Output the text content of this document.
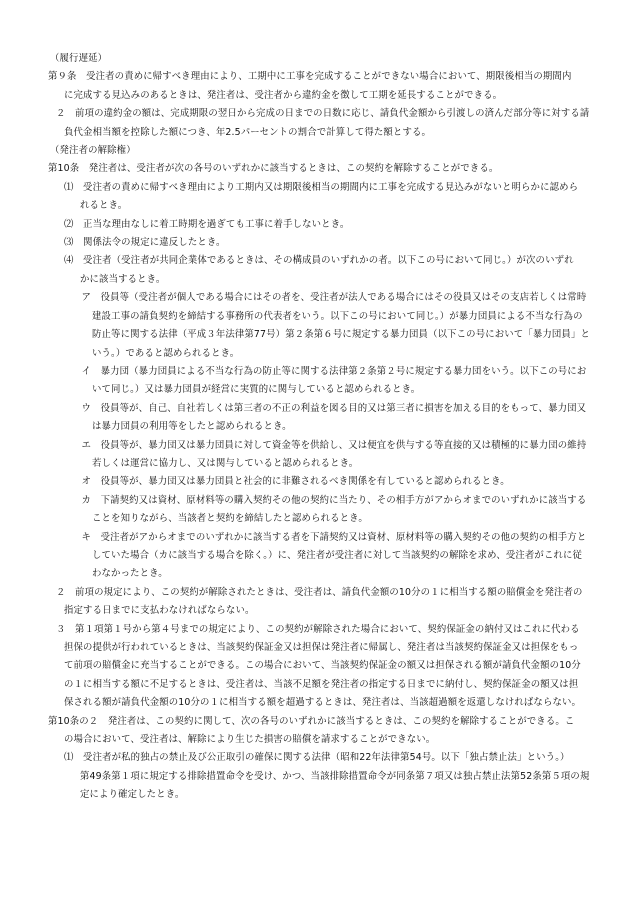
（履行遅延）
第９条　受注者の責めに帰すべき理由により、工期中に工事を完成することができない場合において、期限後相当の期間内
に完成する見込みのあるときは、発注者は、受注者から違約金を徴して工期を延長することができる。
２　前項の違約金の額は、完成期限の翌日から完成の日までの日数に応じ、請負代金額から引渡しの済んだ部分等に対する請
負代金相当額を控除した額につき、年2.5パーセントの割合で計算して得た額とする。
（発注者の解除権）
第10条　発注者は、受注者が次の各号のいずれかに該当するときは、この契約を解除することができる。
⑴　受注者の責めに帰すべき理由により工期内又は期限後相当の期間内に工事を完成する見込みがないと明らかに認めら
れるとき。
⑵　正当な理由なしに着工時期を過ぎても工事に着手しないとき。
⑶　関係法令の規定に違反したとき。
⑷　受注者（受注者が共同企業体であるときは、その構成員のいずれかの者。以下この号において同じ。）が次のいずれ
かに該当するとき。
　ア　役員等（受注者が個人である場合にはその者を、受注者が法人である場合にはその役員又はその支店若しくは常時
建設工事の請負契約を締結する事務所の代表者をいう。以下この号において同じ。）が暴力団員による不当な行為の
防止等に関する法律（平成３年法律第77号）第２条第６号に規定する暴力団員（以下この号において「暴力団員」と
いう。）であると認められるとき。
　イ　暴力団（暴力団員による不当な行為の防止等に関する法律第２条第２号に規定する暴力団をいう。以下この号にお
いて同じ。）又は暴力団員が経営に実質的に関与していると認められるとき。
　ウ　役員等が、自己、自社若しくは第三者の不正の利益を図る目的又は第三者に損害を加える目的をもって、暴力団又
は暴力団員の利用等をしたと認められるとき。
　エ　役員等が、暴力団又は暴力団員に対して資金等を供給し、又は便宜を供与する等直接的又は積極的に暴力団の維持
若しくは運営に協力し、又は関与していると認められるとき。
　オ　役員等が、暴力団又は暴力団員と社会的に非難されるべき関係を有していると認められるとき。
　カ　下請契約又は資材、原材料等の購入契約その他の契約に当たり、その相手方がアからオまでのいずれかに該当する
ことを知りながら、当該者と契約を締結したと認められるとき。
　キ　受注者がアからオまでのいずれかに該当する者を下請契約又は資材、原材料等の購入契約その他の契約の相手方と
していた場合（カに該当する場合を除く。）に、発注者が受注者に対して当該契約の解除を求め、受注者がこれに従
わなかったとき。
２　前項の規定により、この契約が解除されたときは、受注者は、請負代金額の10分の１に相当する額の賠償金を発注者の
指定する日までに支払わなければならない。
３　第１項第１号から第４号までの規定により、この契約が解除された場合において、契約保証金の納付又はこれに代わる
担保の提供が行われているときは、当該契約保証金又は担保は発注者に帰属し、発注者は当該契約保証金又は担保をもっ
て前項の賠償金に充当することができる。この場合において、当該契約保証金の額又は担保される額が請負代金額の10分
の１に相当する額に不足するときは、受注者は、当該不足額を発注者の指定する日までに納付し、契約保証金の額又は担
保される額が請負代金額の10分の１に相当する額を超過するときは、発注者は、当該超過額を返還しなければならない。
第10条の２　発注者は、この契約に関して、次の各号のいずれかに該当するときは、この契約を解除することができる。こ
の場合において、受注者は、解除により生じた損害の賠償を請求することができない。
⑴　受注者が私的独占の禁止及び公正取引の確保に関する法律（昭和22年法律第54号。以下「独占禁止法」という。）
第49条第１項に規定する排除措置命令を受け、かつ、当該排除措置命令が同条第７項又は独占禁止法第52条第５項の規
定により確定したとき。
